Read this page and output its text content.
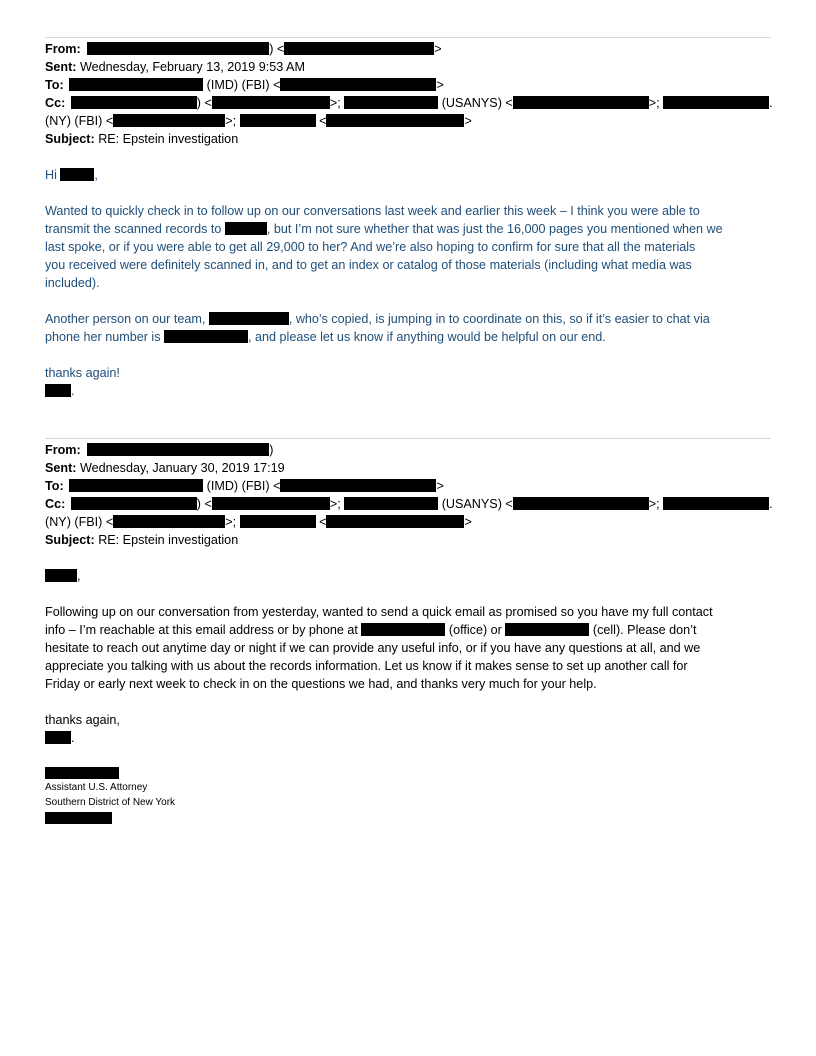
From:	) <	>
Sent: Wednesday, February 13, 2019 9:53 AM
To:	(IMD) (FBI) <	>
Cc:	) <	>;	(USANYS) <	>;	.
(NY) (FBI) <	>;	<	>
Subject: RE: Epstein investigation
Hi	,
Wanted to quickly check in to follow up on our conversations last week and earlier this week – I think you were able to
transmit the scanned records to	, but I’m not sure whether that was just the 16,000 pages you mentioned when we
last spoke, or if you were able to get all 29,000 to her? And we’re also hoping to confirm for sure that all the materials
you received were definitely scanned in, and to get an index or catalog of those materials (including what media was
included).
Another person on our team,	, who’s copied, is jumping in to coordinate on this, so if it’s easier to chat via
phone her number is	, and please let us know if anything would be helpful on our end.
thanks again!
.
From:	)
Sent: Wednesday, January 30, 2019 17:19
To:	(IMD) (FBI) <	>
Cc:	) <	>;	(USANYS) <	>;	.
(NY) (FBI) <	>;	<	>
Subject: RE: Epstein investigation
,
Following up on our conversation from yesterday, wanted to send a quick email as promised so you have my full contact
info – I’m reachable at this email address or by phone at	(office) or	(cell). Please don’t
hesitate to reach out anytime day or night if we can provide any useful info, or if you have any questions at all, and we
appreciate you talking with us about the records information. Let us know if it makes sense to set up another call for
Friday or early next week to check in on the questions we had, and thanks very much for your help.
thanks again,
.
Assistant U.S. Attorney
Southern District of New York
